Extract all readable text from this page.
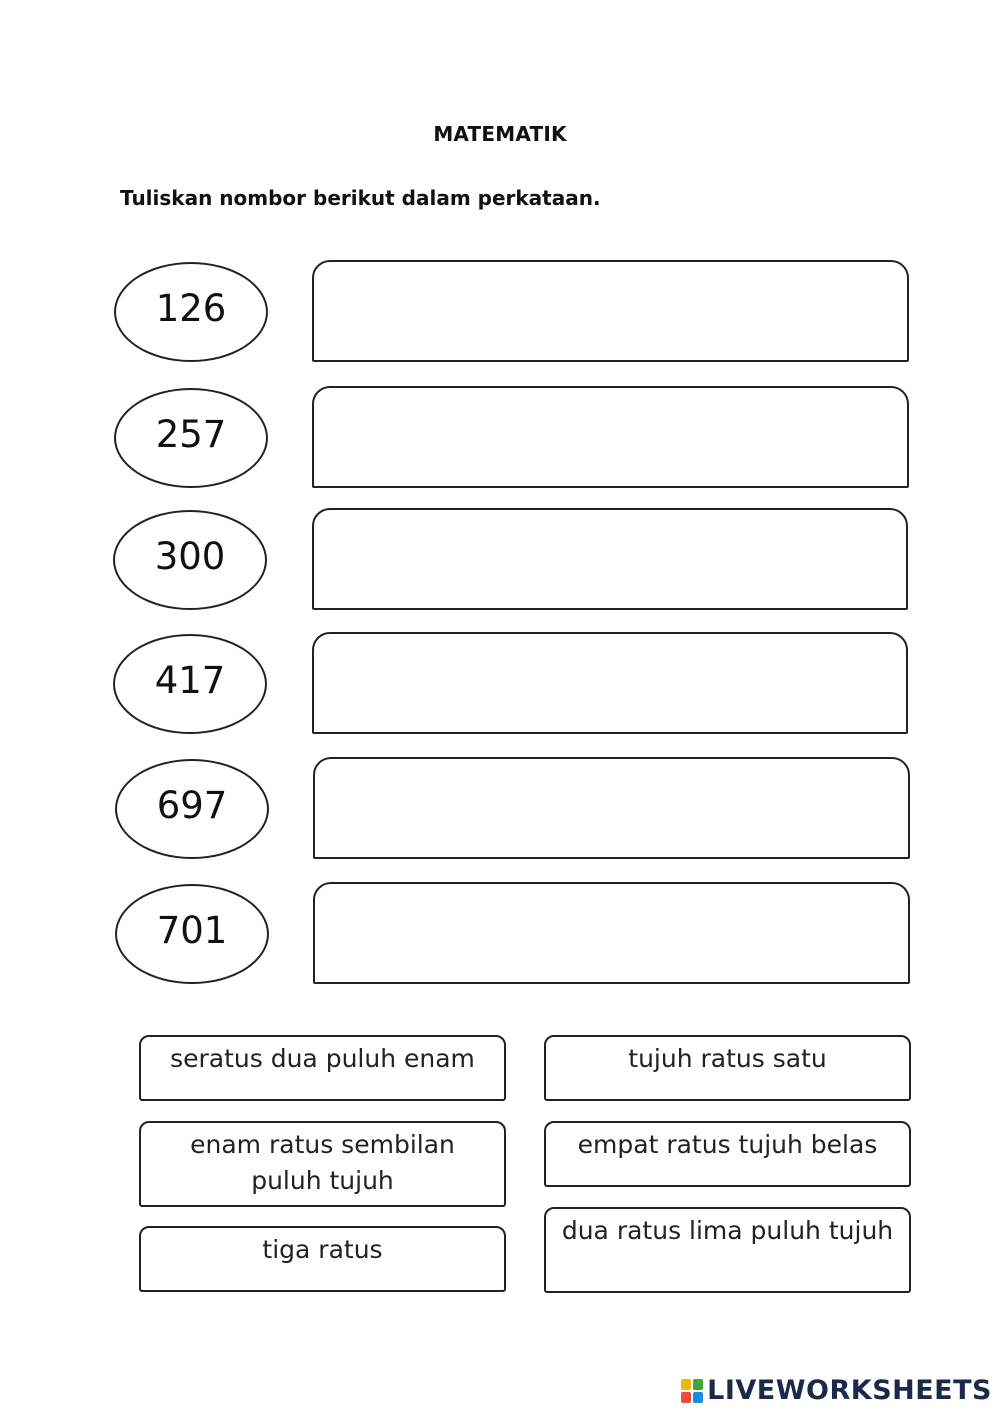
MATEMATIK
Tuliskan nombor berikut dalam perkataan.
126
257
300
417
697
701
seratus dua puluh enam
enam ratus sembilan puluh tujuh
tiga ratus
tujuh ratus satu
empat ratus tujuh belas
dua ratus lima puluh tujuh
LIVEWORKSHEETS
